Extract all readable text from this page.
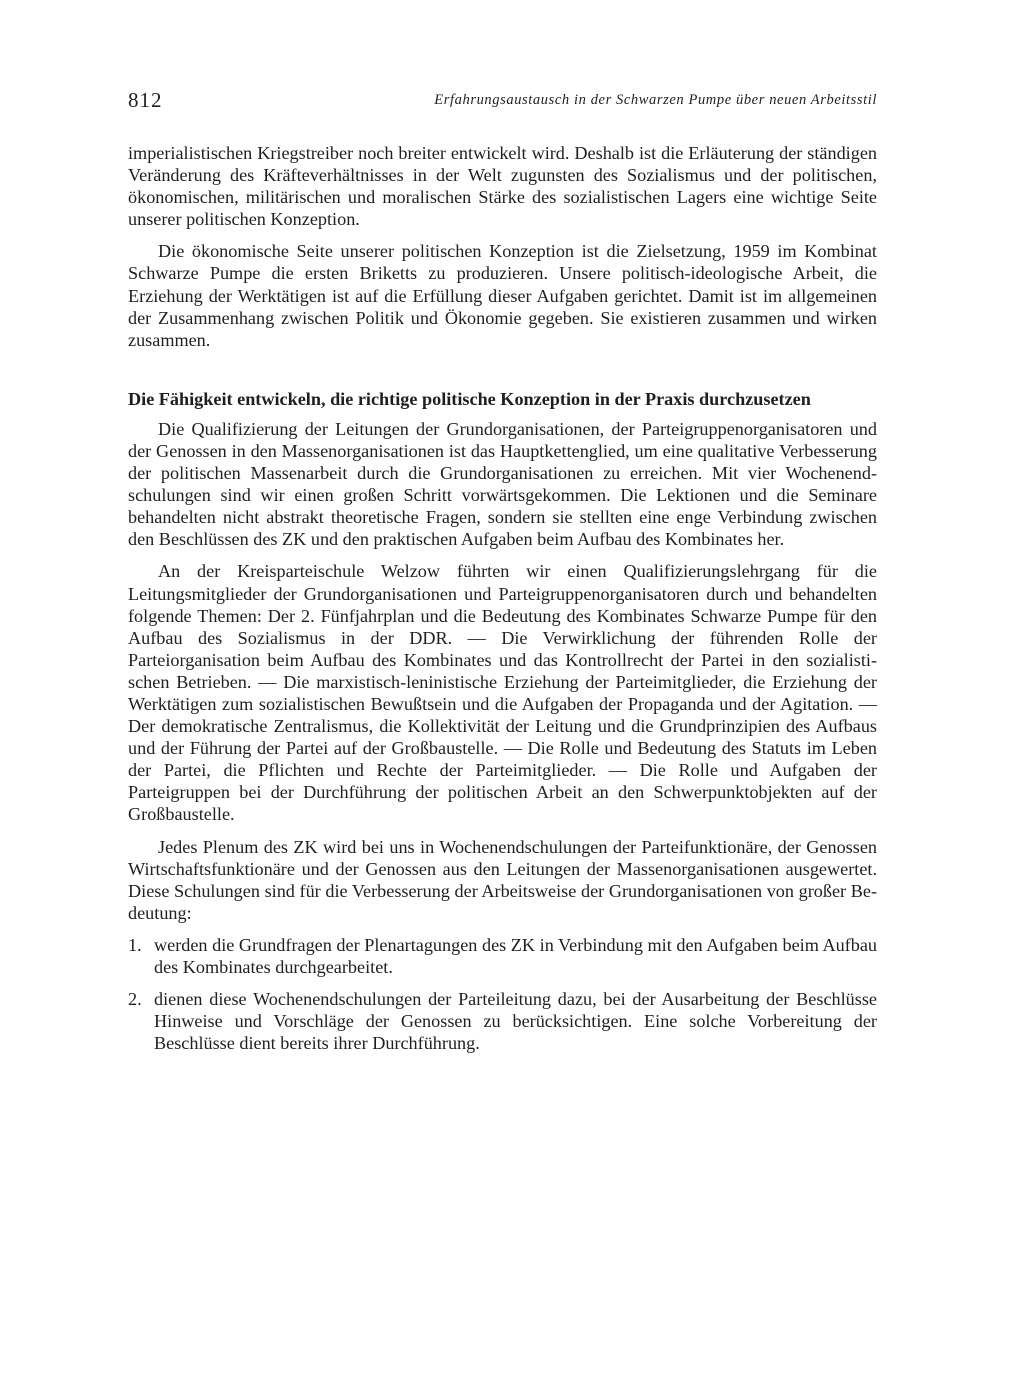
812	Erfahrungsaustausch in der Schwarzen Pumpe über neuen Arbeitsstil

imperialistischen Kriegstreiber noch breiter entwickelt wird. Deshalb ist die Erläuterung der ständigen Veränderung des Kräfteverhältnisses in der Welt zugunsten des Sozialismus und der politischen, ökonomischen, militärischen und moralischen Stärke des sozialistischen Lagers eine wichtige Seite unserer politischen Konzeption.

Die ökonomische Seite unserer politischen Konzeption ist die Zielsetzung, 1959 im Kombinat Schwarze Pumpe die ersten Briketts zu produzieren. Unsere politisch-ideologische Arbeit, die Erziehung der Werktätigen ist auf die Erfüllung dieser Aufgaben gerichtet. Damit ist im allgemeinen der Zusammenhang zwischen Politik und Ökonomie gegeben. Sie existieren zusammen und wirken zusammen.

Die Fähigkeit entwickeln, die richtige politische Konzeption in der Praxis durchzusetzen

Die Qualifizierung der Leitungen der Grundorganisationen, der Parteigruppenorganisatoren und der Genossen in den Massenorganisationen ist das Hauptkettenglied, um eine qualitative Verbesserung der politischen Massenarbeit durch die Grundorganisationen zu erreichen. Mit vier Wochenendschulungen sind wir einen großen Schritt vorwärtsgekommen. Die Lektionen und die Seminare behandelten nicht abstrakt theoretische Fragen, sondern sie stellten eine enge Verbindung zwischen den Beschlüssen des ZK und den praktischen Aufgaben beim Aufbau des Kombinates her.

An der Kreisparteischule Welzow führten wir einen Qualifizierungslehrgang für die Leitungsmitglieder der Grundorganisationen und Parteigruppenorganisatoren durch und behandelten folgende Themen: Der 2. Fünfjahrplan und die Bedeutung des Kombinates Schwarze Pumpe für den Aufbau des Sozialismus in der DDR. — Die Verwirklichung der führenden Rolle der Parteiorganisation beim Aufbau des Kombinates und das Kontrollrecht der Partei in den sozialistischen Betrieben. — Die marxistisch-leninistische Erziehung der Parteimitglieder, die Erziehung der Werktätigen zum sozialistischen Bewußtsein und die Aufgaben der Propaganda und der Agitation. — Der demokratische Zentralismus, die Kollektivität der Leitung und die Grundprinzipien des Aufbaus und der Führung der Partei auf der Großbaustelle. — Die Rolle und Bedeutung des Statuts im Leben der Partei, die Pflichten und Rechte der Parteimitglieder. — Die Rolle und Aufgaben der Parteigruppen bei der Durchführung der politischen Arbeit an den Schwerpunktobjekten auf der Großbaustelle.

Jedes Plenum des ZK wird bei uns in Wochenendschulungen der Parteifunktionäre, der Genossen Wirtschaftsfunktionäre und der Genossen aus den Leitungen der Massenorganisationen ausgewertet. Diese Schulungen sind für die Verbesserung der Arbeitsweise der Grundorganisationen von großer Bedeutung:

1. werden die Grundfragen der Plenartagungen des ZK in Verbindung mit den Aufgaben beim Aufbau des Kombinates durchgearbeitet.
2. dienen diese Wochenendschulungen der Parteileitung dazu, bei der Ausarbeitung der Beschlüsse Hinweise und Vorschläge der Genossen zu berücksichtigen. Eine solche Vorbereitung der Beschlüsse dient bereits ihrer Durchführung.
